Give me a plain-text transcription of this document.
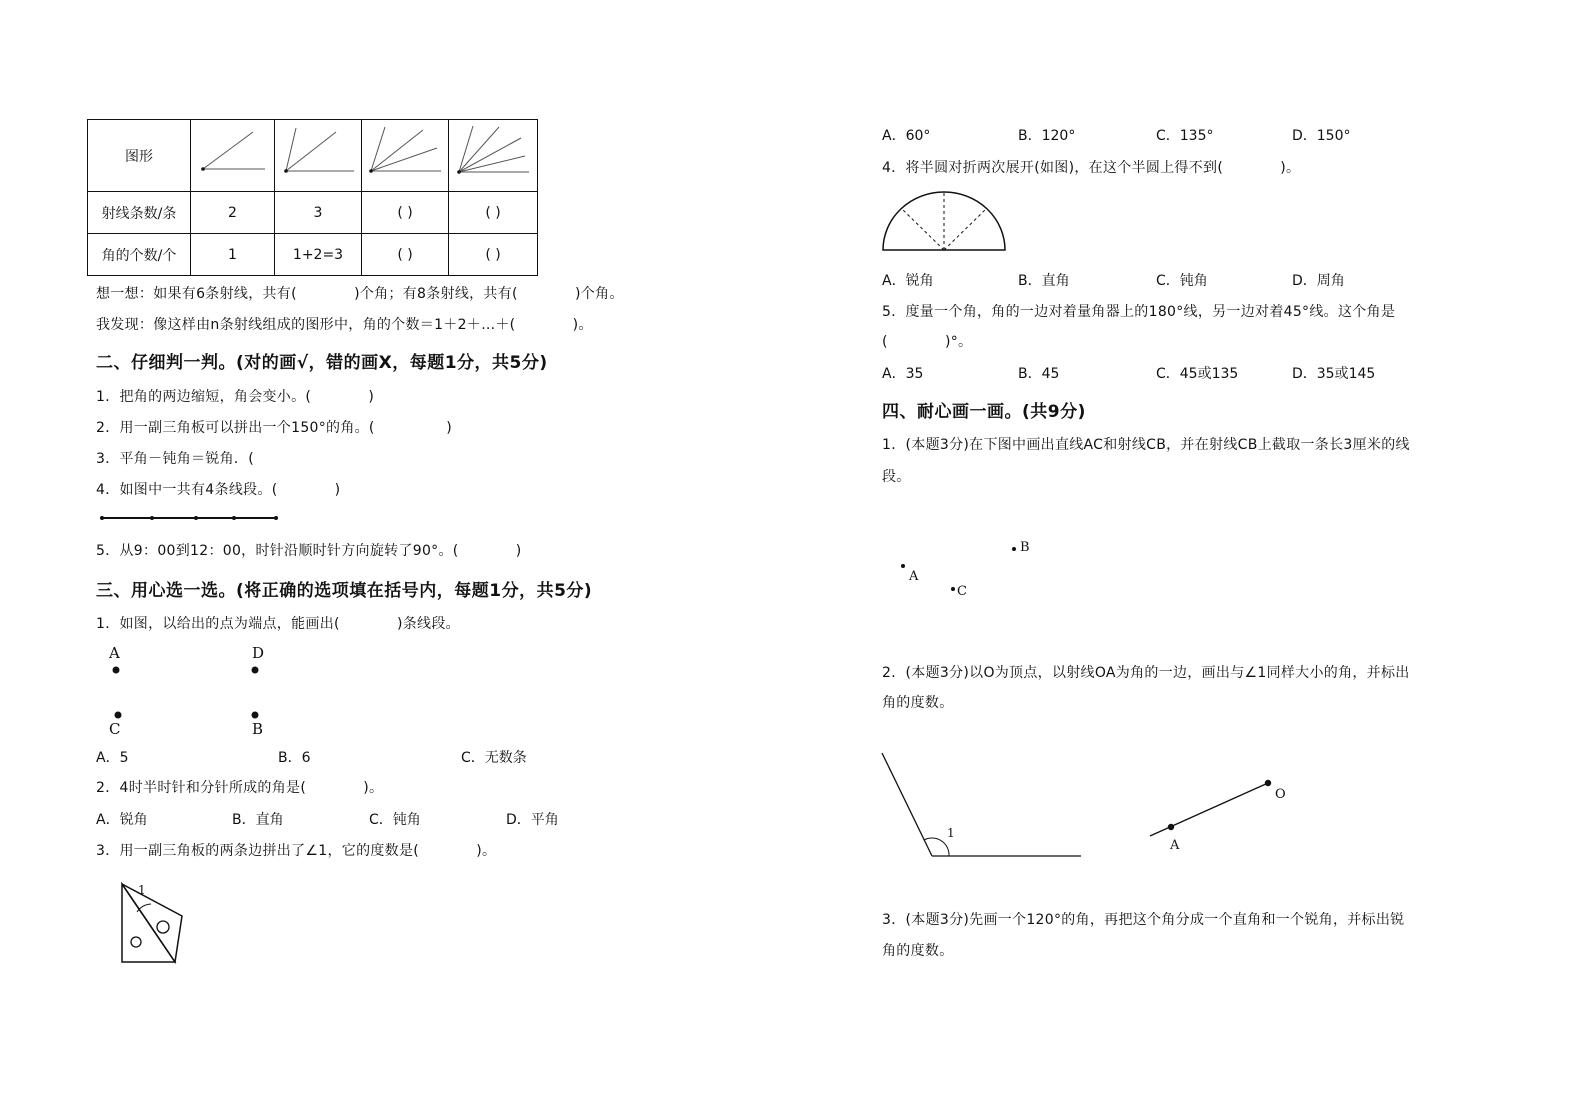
图形				
射线条数/条	2	3	( )	( )
角的个数/个	1	1+2=3	( )	( )
想一想：如果有6条射线，共有(　　　　)个角；有8条射线，共有(　　　　)个角。
我发现：像这样由n条射线组成的图形中，角的个数＝1＋2＋…＋(　　　　)。
二、仔细判一判。(对的画√，错的画X，每题1分，共5分)
1．把角的两边缩短，角会变小。(　　　　)
2．用一副三角板可以拼出一个150°的角。(　　　　　)
3．平角－钝角＝锐角．(
4．如图中一共有4条线段。(　　　　)
5．从9：00到12：00，时针沿顺时针方向旋转了90°。(　　　　)
三、用心选一选。(将正确的选项填在括号内，每题1分，共5分)
1．如图，以给出的点为端点，能画出(　　　　)条线段。
A	D
C	B
A．5	B．6	C．无数条
2．4时半时针和分针所成的角是(　　　　)。
A．锐角	B．直角	C．钝角	D．平角
3．用一副三角板的两条边拼出了∠1，它的度数是(　　　　)。
1
A．60°	B．120°	C．135°	D．150°
4．将半圆对折两次展开(如图)，在这个半圆上得不到(　　　　)。
A．锐角	B．直角	C．钝角	D．周角
5．度量一个角，角的一边对着量角器上的180°线，另一边对着45°线。这个角是
(　　　　)°。
A．35	B．45	C．45或135	D．35或145
四、耐心画一画。(共9分)
1．(本题3分)在下图中画出直线AC和射线CB，并在射线CB上截取一条长3厘米的线
段。
B
A
C
2．(本题3分)以O为顶点，以射线OA为角的一边，画出与∠1同样大小的角，并标出
角的度数。
1
O
A
3．(本题3分)先画一个120°的角，再把这个角分成一个直角和一个锐角，并标出锐
角的度数。
